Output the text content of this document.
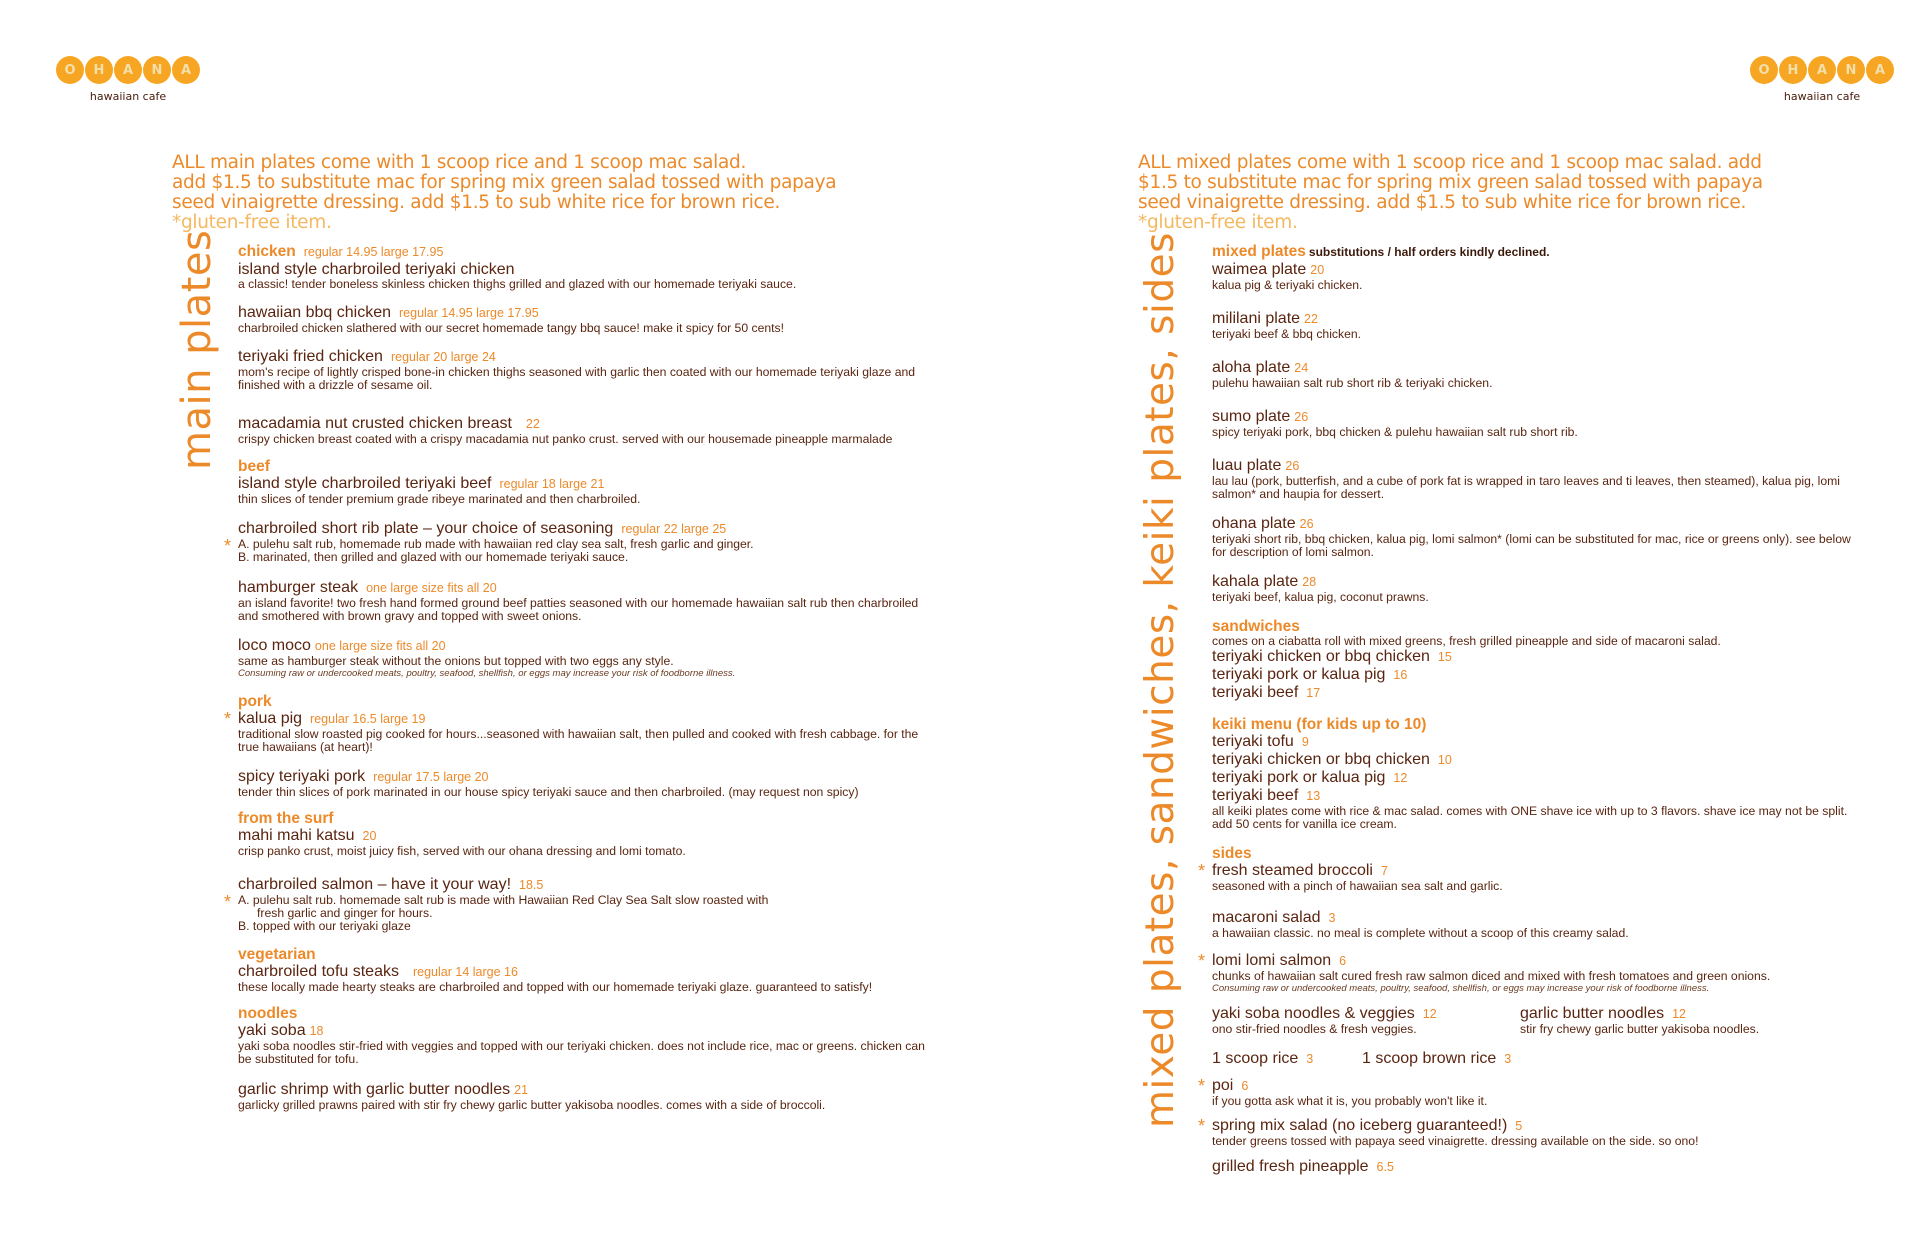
O	H	A	N	A
hawaiian cafe
O	H	A	N	A
hawaiian cafe

ALL main plates come with 1 scoop rice and 1 scoop mac salad.

add $1.5 to substitute mac for spring mix green salad tossed with papaya

seed vinaigrette dressing. add $1.5 to sub white rice for brown rice.

*gluten-free item.

ALL mixed plates come with 1 scoop rice and 1 scoop mac salad. add

$1.5 to substitute mac for spring mix green salad tossed with papaya

seed vinaigrette dressing. add $1.5 to sub white rice for brown rice.

*gluten-free item.

main plates	mixed plates, sandwiches, keiki plates, sides
chicken regular 14.95 large 17.95
island style charbroiled teriyaki chicken
a classic! tender boneless skinless chicken thighs grilled and glazed with our homemade teriyaki sauce.
hawaiian bbq chicken regular 14.95 large 17.95
charbroiled chicken slathered with our secret homemade tangy bbq sauce! make it spicy for 50 cents!
teriyaki fried chicken regular 20 large 24
mom's recipe of lightly crisped bone-in chicken thighs seasoned with garlic then coated with our homemade teriyaki glaze and finished with a drizzle of sesame oil.
macadamia nut crusted chicken breast 22
crispy chicken breast coated with a crispy macadamia nut panko crust. served with our housemade pineapple marmalade
beef
island style charbroiled teriyaki beef regular 18 large 21
thin slices of tender premium grade ribeye marinated and then charbroiled.
charbroiled short rib plate – your choice of seasoning regular 22 large 25
* A. pulehu salt rub, homemade rub made with hawaiian red clay sea salt, fresh garlic and ginger.
B. marinated, then grilled and glazed with our homemade teriyaki sauce.
hamburger steak one large size fits all 20
an island favorite! two fresh hand formed ground beef patties seasoned with our homemade hawaiian salt rub then charbroiled and smothered with brown gravy and topped with sweet onions.
loco moco one large size fits all 20
same as hamburger steak without the onions but topped with two eggs any style.
Consuming raw or undercooked meats, poultry, seafood, shellfish, or eggs may increase your risk of foodborne illness.
pork
* kalua pig regular 16.5 large 19
traditional slow roasted pig cooked for hours...seasoned with hawaiian salt, then pulled and cooked with fresh cabbage. for the true hawaiians (at heart)!
spicy teriyaki pork regular 17.5 large 20
tender thin slices of pork marinated in our house spicy teriyaki sauce and then charbroiled. (may request non spicy)
from the surf
mahi mahi katsu 20
crisp panko crust, moist juicy fish, served with our ohana dressing and lomi tomato.
charbroiled salmon – have it your way! 18.5
* A. pulehu salt rub. homemade salt rub is made with Hawaiian Red Clay Sea Salt slow roasted with
fresh garlic and ginger for hours.
B. topped with our teriyaki glaze
vegetarian
charbroiled tofu steaks regular 14 large 16
these locally made hearty steaks are charbroiled and topped with our homemade teriyaki glaze. guaranteed to satisfy!
noodles
yaki soba 18
yaki soba noodles stir-fried with veggies and topped with our teriyaki chicken. does not include rice, mac or greens. chicken can be substituted for tofu.
garlic shrimp with garlic butter noodles 21
garlicky grilled prawns paired with stir fry chewy garlic butter yakisoba noodles. comes with a side of broccoli.
mixed plates substitutions / half orders kindly declined.
waimea plate 20
kalua pig & teriyaki chicken.
mililani plate 22
teriyaki beef & bbq chicken.
aloha plate 24
pulehu hawaiian salt rub short rib & teriyaki chicken.
sumo plate 26
spicy teriyaki pork, bbq chicken & pulehu hawaiian salt rub short rib.
luau plate 26
lau lau (pork, butterfish, and a cube of pork fat is wrapped in taro leaves and ti leaves, then steamed), kalua pig, lomi salmon* and haupia for dessert.
ohana plate 26
teriyaki short rib, bbq chicken, kalua pig, lomi salmon* (lomi can be substituted for mac, rice or greens only). see below for description of lomi salmon.
kahala plate 28
teriyaki beef, kalua pig, coconut prawns.
sandwiches
comes on a ciabatta roll with mixed greens, fresh grilled pineapple and side of macaroni salad.
teriyaki chicken or bbq chicken 15
teriyaki pork or kalua pig 16
teriyaki beef 17
keiki menu (for kids up to 10)
teriyaki tofu 9
teriyaki chicken or bbq chicken 10
teriyaki pork or kalua pig 12
teriyaki beef 13
all keiki plates come with rice & mac salad. comes with ONE shave ice with up to 3 flavors. shave ice may not be split. add 50 cents for vanilla ice cream.
sides
* fresh steamed broccoli 7
seasoned with a pinch of hawaiian sea salt and garlic.
macaroni salad 3
a hawaiian classic. no meal is complete without a scoop of this creamy salad.
* lomi lomi salmon 6
chunks of hawaiian salt cured fresh raw salmon diced and mixed with fresh tomatoes and green onions.
Consuming raw or undercooked meats, poultry, seafood, shellfish, or eggs may increase your risk of foodborne illness.
yaki soba noodles & veggies 12
ono stir-fried noodles & fresh veggies.
garlic butter noodles 12
stir fry chewy garlic butter yakisoba noodles.
1 scoop rice 3	1 scoop brown rice 3
* poi 6
if you gotta ask what it is, you probably won't like it.
* spring mix salad (no iceberg guaranteed!) 5
tender greens tossed with papaya seed vinaigrette. dressing available on the side. so ono!
grilled fresh pineapple 6.5
